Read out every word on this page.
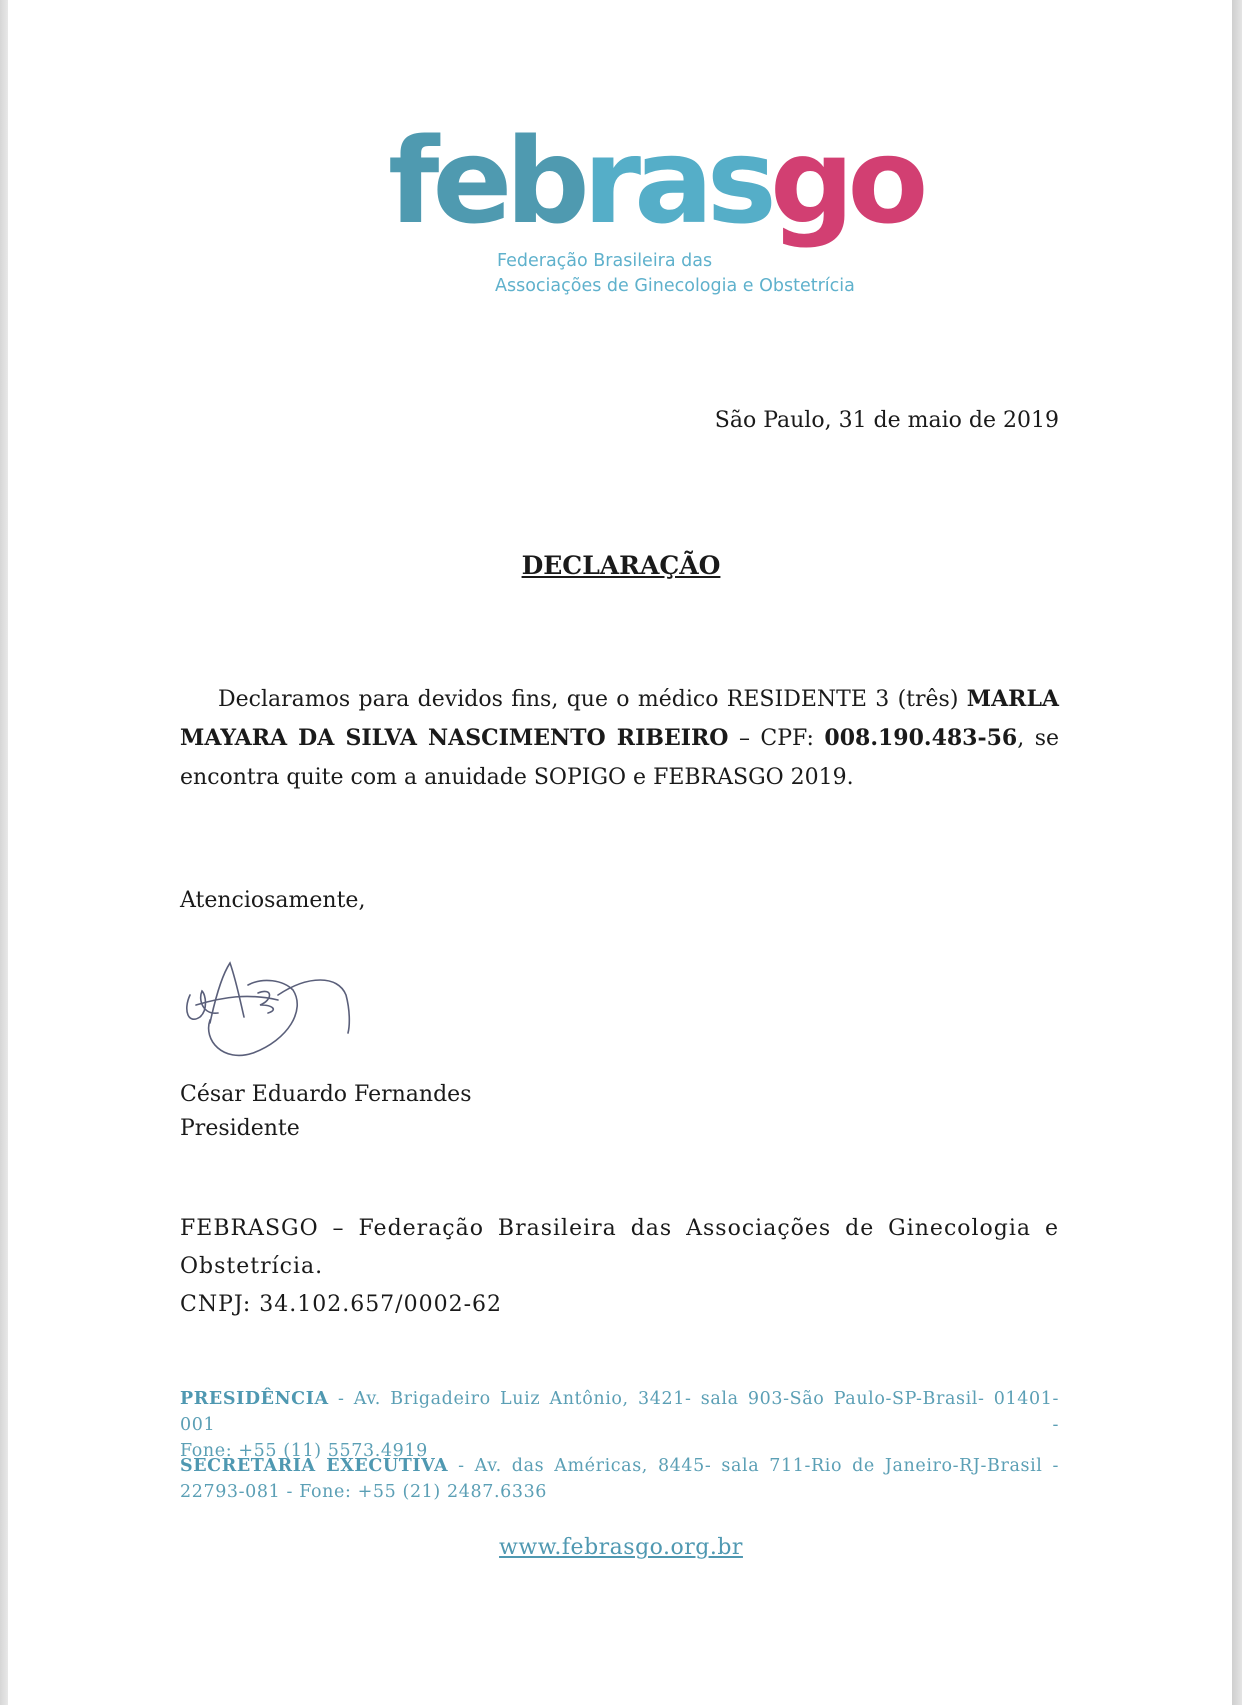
febrasgo
Federação Brasileira das
Associações de Ginecologia e Obstetrícia
São Paulo, 31 de maio de 2019
DECLARAÇÃO
Declaramos para devidos fins, que o médico RESIDENTE 3 (três) MARLA MAYARA DA SILVA NASCIMENTO RIBEIRO – CPF: 008.190.483-56, se encontra quite com a anuidade SOPIGO e FEBRASGO 2019.
Atenciosamente,
César Eduardo Fernandes
Presidente
FEBRASGO – Federação Brasileira das Associações de Ginecologia e
Obstetrícia.
CNPJ: 34.102.657/0002-62
PRESIDÊNCIA - Av. Brigadeiro Luiz Antônio, 3421- sala 903-São Paulo-SP-Brasil- 01401-001 -
Fone: +55 (11) 5573.4919
SECRETARIA EXECUTIVA - Av. das Américas, 8445- sala 711-Rio de Janeiro-RJ-Brasil -
22793-081 - Fone: +55 (21) 2487.6336
www.febrasgo.org.br
